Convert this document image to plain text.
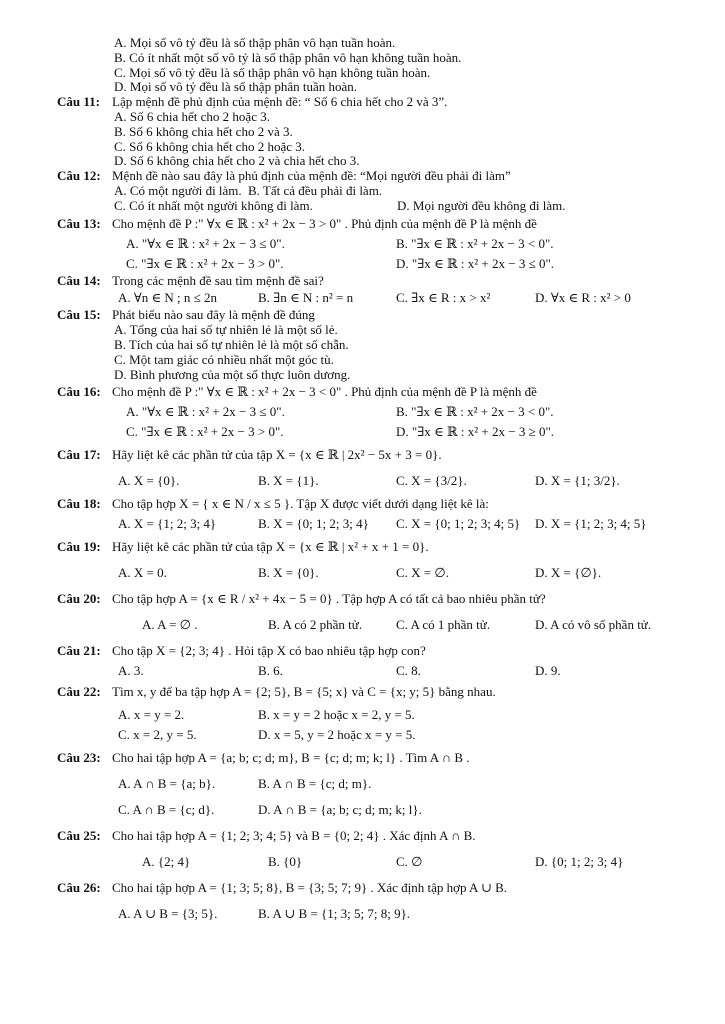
A. Mọi số vô tỷ đều là số thập phân vô hạn tuần hoàn.
B. Có ít nhất một số vô tỷ là số thập phân vô hạn không tuần hoàn.
C. Mọi số vô tỷ đều là số thập phân vô hạn không tuần hoàn.
D. Mọi số vô tỷ đều là số thập phân tuần hoàn.
Câu 11: Lập mệnh đề phủ định của mệnh đề: “ Số 6 chia hết cho 2 và 3”.
A. Số 6 chia hết cho 2 hoặc 3.
B. Số 6 không chia hết cho 2 và 3.
C. Số 6 không chia hết cho 2 hoặc 3.
D. Số 6 không chia hết cho 2 và chia hết cho 3.
Câu 12: Mệnh đề nào sau đây là phủ định của mệnh đề: “Mọi người đều phải đi làm”
A. Có một người đi làm. B. Tất cả đều phải đi làm.
C. Có ít nhất một người không đi làm.	D. Mọi người đều không đi làm.
Câu 13: Cho mệnh đề P :" ∀x ∈ ℝ : x² + 2x − 3 > 0" . Phủ định của mệnh đề P là mệnh đề
A. "∀x ∈ ℝ : x² + 2x − 3 ≤ 0".	B. "∃x ∈ ℝ : x² + 2x − 3 < 0".
C. "∃x ∈ ℝ : x² + 2x − 3 > 0".	D. "∃x ∈ ℝ : x² + 2x − 3 ≤ 0".
Câu 14: Trong các mệnh đề sau tìm mệnh đề sai?
A. ∀n ∈ N ; n ≤ 2n	B. ∃n ∈ N : n² = n	C. ∃x ∈ R : x > x²	D. ∀x ∈ R : x² > 0
Câu 15: Phát biểu nào sau đây là mệnh đề đúng
A. Tổng của hai số tự nhiên lẻ là một số lẻ.
B. Tích của hai số tự nhiên lẻ là một số chẵn.
C. Một tam giác có nhiều nhất một góc tù.
D. Bình phương của một số thực luôn dương.
Câu 16: Cho mệnh đề P :" ∀x ∈ ℝ : x² + 2x − 3 < 0" . Phủ định của mệnh đề P là mệnh đề
A. "∀x ∈ ℝ : x² + 2x − 3 ≤ 0".	B. "∃x ∈ ℝ : x² + 2x − 3 < 0".
C. "∃x ∈ ℝ : x² + 2x − 3 > 0".	D. "∃x ∈ ℝ : x² + 2x − 3 ≥ 0".
Câu 17: Hãy liệt kê các phần tử của tập X = {x ∈ ℝ | 2x² − 5x + 3 = 0}.
A. X = {0}.	B. X = {1}.	C. X = {3/2}.	D. X = {1; 3/2}.
Câu 18: Cho tập hợp X = { x ∈ N / x ≤ 5 }. Tập X được viết dưới dạng liệt kê là:
A. X = {1; 2; 3; 4}	B. X = {0; 1; 2; 3; 4} C. X = {0; 1; 2; 3; 4; 5} D. X = {1; 2; 3; 4; 5}
Câu 19: Hãy liệt kê các phần tử của tập X = {x ∈ ℝ | x² + x + 1 = 0}.
A. X = 0.	B. X = {0}.	C. X = ∅.	D. X = {∅}.
Câu 20: Cho tập hợp A = {x ∈ R / x² + 4x − 5 = 0} . Tập hợp A có tất cả bao nhiêu phần tử?
A. A = ∅ .	B. A có 2 phần tử.	C. A có 1 phần tử.	D. A có vô số phần tử.
Câu 21: Cho tập X = {2; 3; 4} . Hỏi tập X có bao nhiêu tập hợp con?
A. 3.	B. 6.	C. 8.	D. 9.
Câu 22: Tìm x, y để ba tập hợp A = {2; 5}, B = {5; x} và C = {x; y; 5} bằng nhau.
A. x = y = 2.	B. x = y = 2 hoặc x = 2, y = 5.
C. x = 2, y = 5.	D. x = 5, y = 2 hoặc x = y = 5.
Câu 23: Cho hai tập hợp A = {a; b; c; d; m}, B = {c; d; m; k; l} . Tìm A ∩ B .
A. A ∩ B = {a; b}.	B. A ∩ B = {c; d; m}.
C. A ∩ B = {c; d}.	D. A ∩ B = {a; b; c; d; m; k; l}.
Câu 25: Cho hai tập hợp A = {1; 2; 3; 4; 5} và B = {0; 2; 4} . Xác định A ∩ B.
A. {2; 4}	B. {0}	C. ∅	D. {0; 1; 2; 3; 4}
Câu 26: Cho hai tập hợp A = {1; 3; 5; 8}, B = {3; 5; 7; 9} . Xác định tập hợp A ∪ B.
A. A ∪ B = {3; 5}.	B. A ∪ B = {1; 3; 5; 7; 8; 9}.
